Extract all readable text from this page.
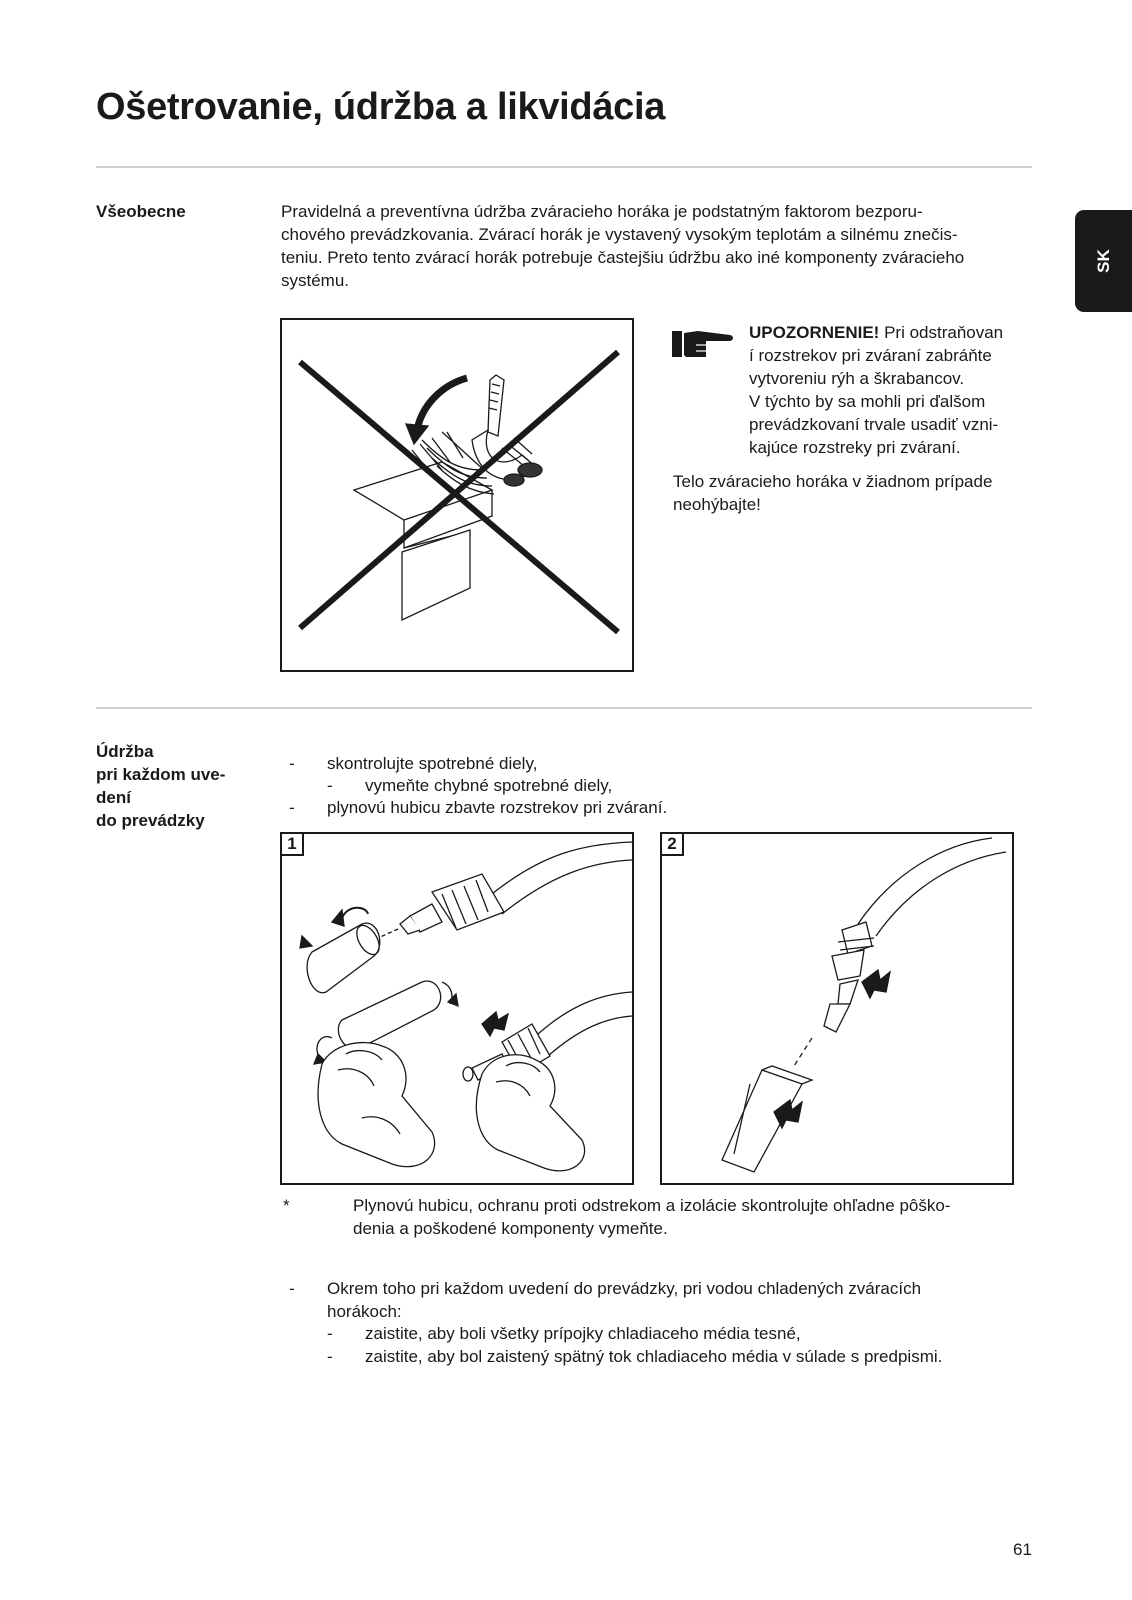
Ošetrovanie, údržba a likvidácia
SK
Všeobecne	Pravidelná a preventívna údržba zváracieho horáka je podstatným faktorom bezporu-
chového prevádzkovania. Zvárací horák je vystavený vysokým teplotám a silnému znečis-
teniu. Preto tento zvárací horák potrebuje častejšiu údržbu ako iné komponenty zváracieho
systému.
UPOZORNENIE! Pri odstraňovan
í rozstrekov pri zváraní zabráňte
vytvoreniu rýh a škrabancov.
V týchto by sa mohli pri ďalšom
prevádzkovaní trvale usadiť vzni-
kajúce rozstreky pri zváraní.
Telo zváracieho horáka v žiadnom prípade
neohýbajte!
Údržba
pri každom uve-
dení
do prevádzky
- skontrolujte spotrebné diely,
- vymeňte chybné spotrebné diely,
- plynovú hubicu zbavte rozstrekov pri zváraní.
1	2
*	Plynovú hubicu, ochranu proti odstrekom a izolácie skontrolujte ohľadne pôško-
denia a poškodené komponenty vymeňte.
- Okrem toho pri každom uvedení do prevádzky, pri vodou chladených zváracích
horákoch:
- zaistite, aby boli všetky prípojky chladiaceho média tesné,
- zaistite, aby bol zaistený spätný tok chladiaceho média v súlade s predpismi.
61
